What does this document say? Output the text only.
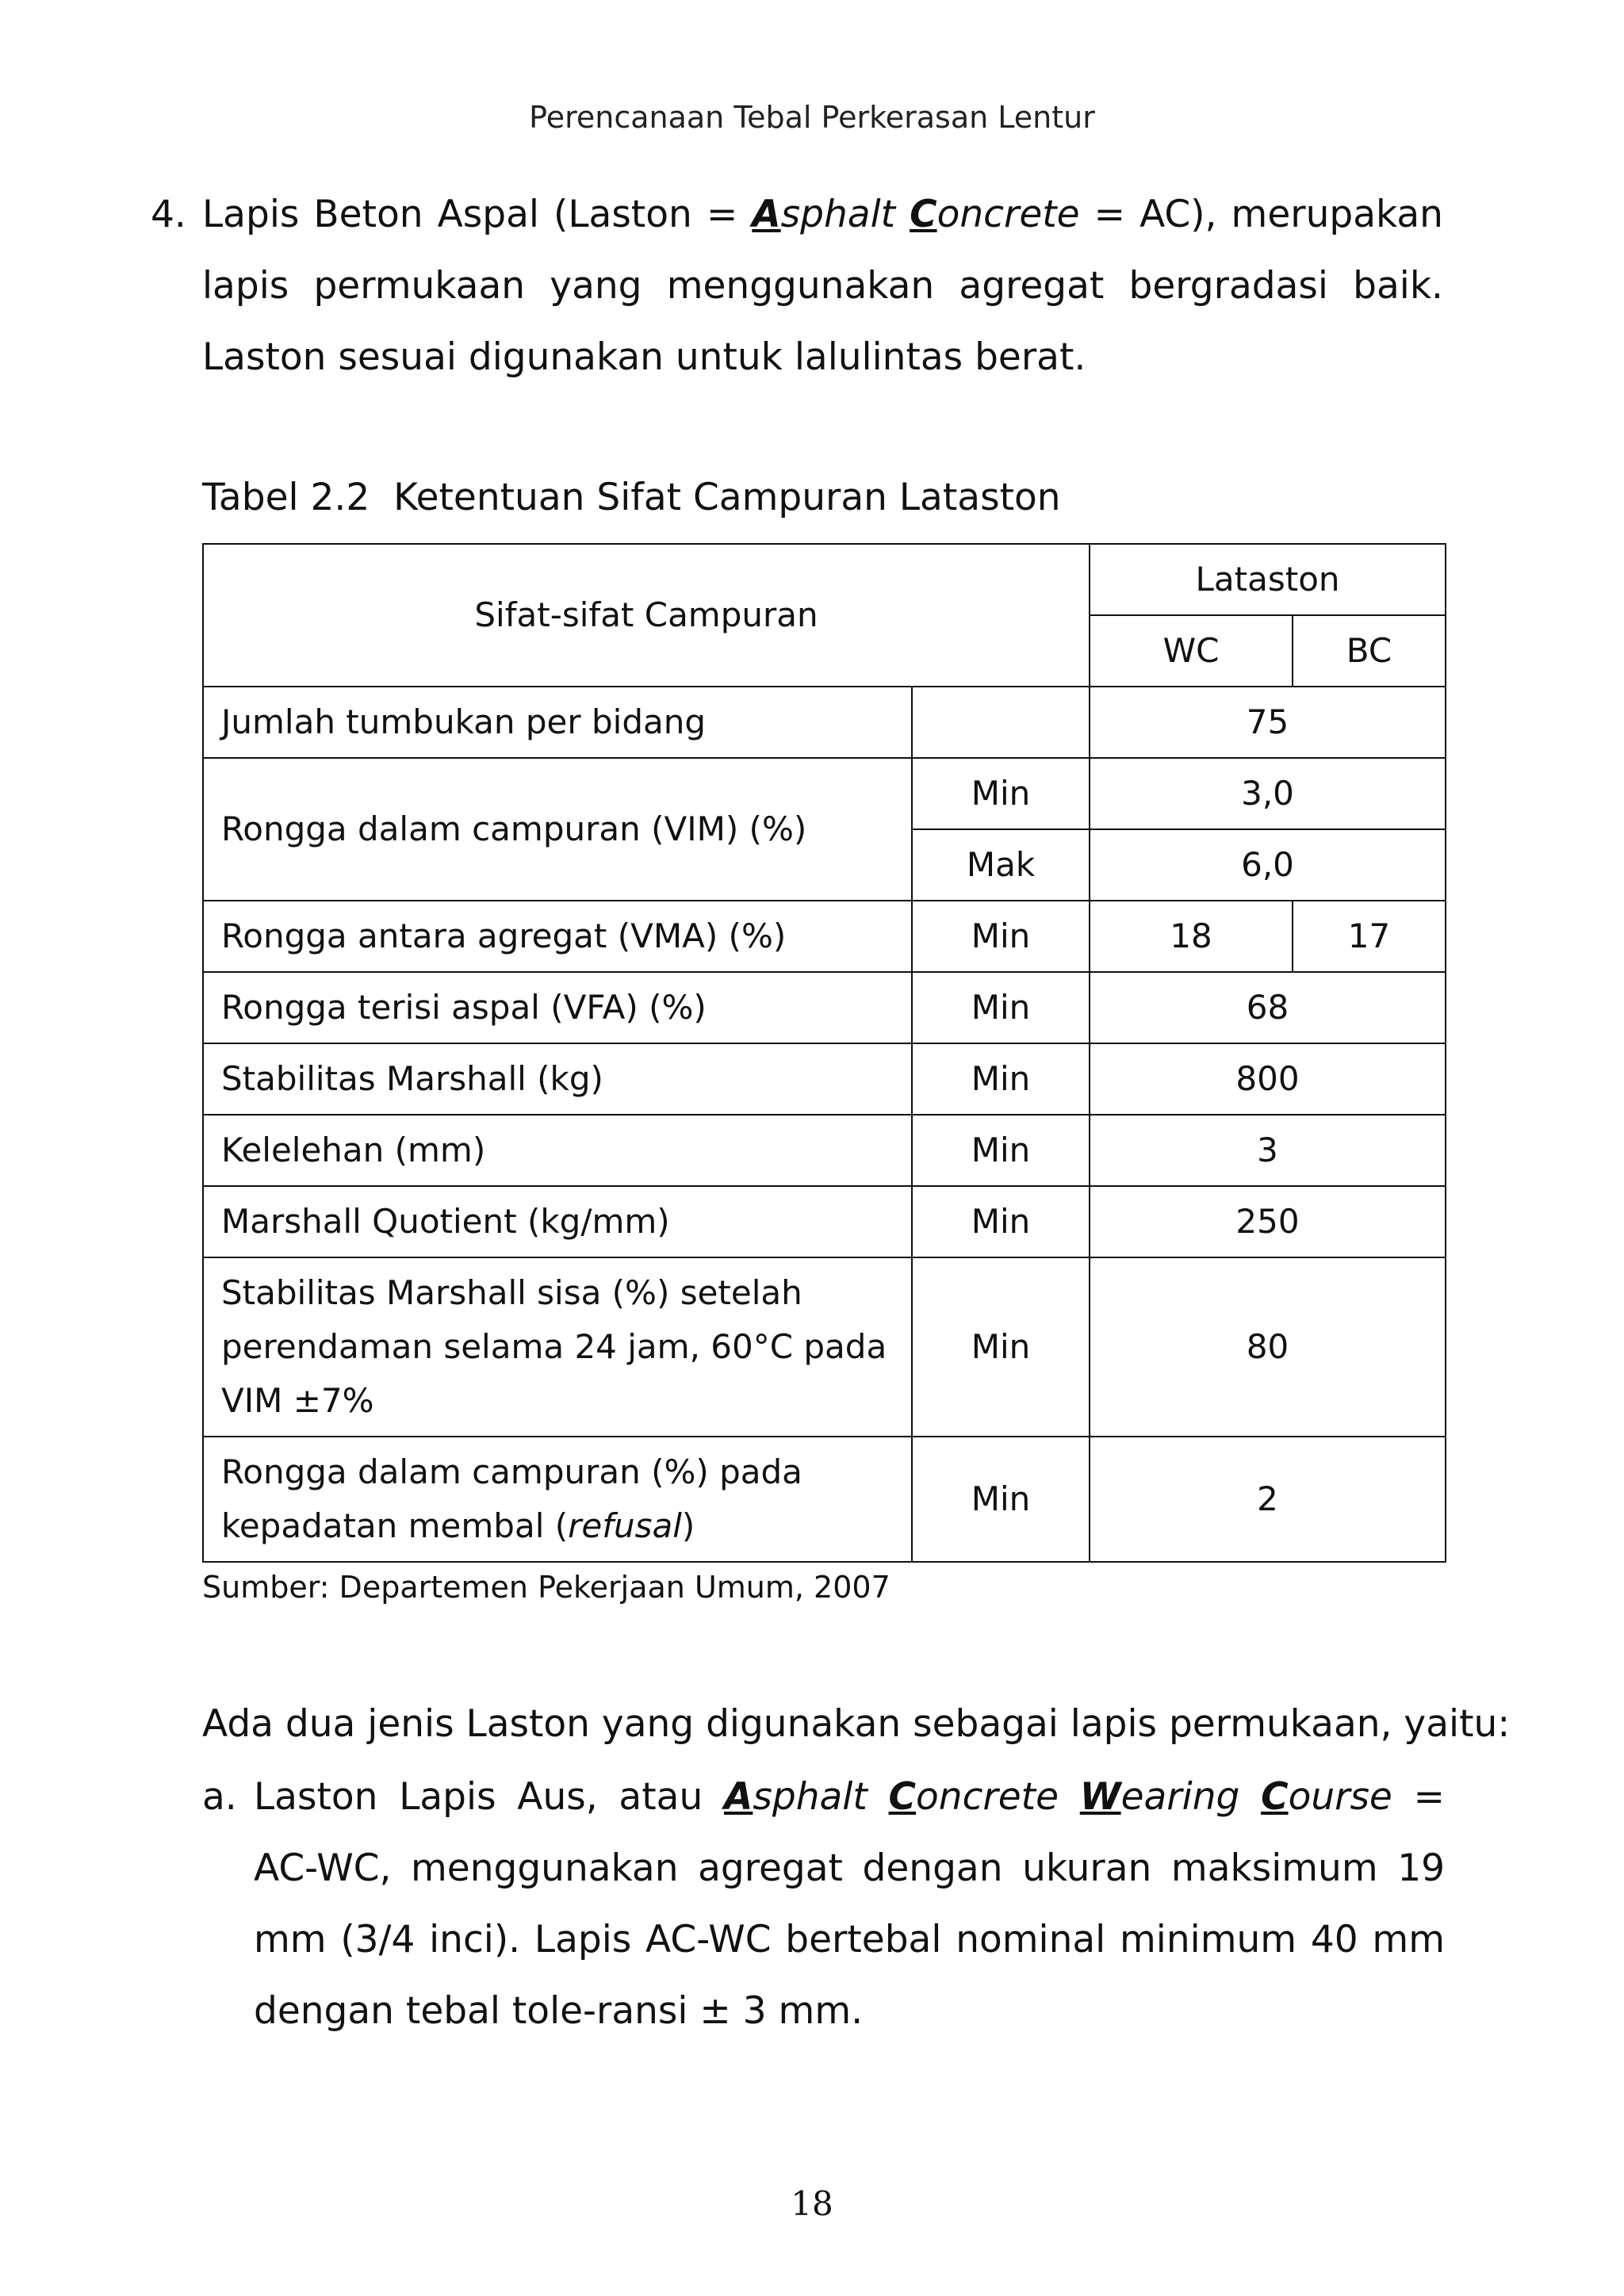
Perencanaan Tebal Perkerasan Lentur
4. Lapis Beton Aspal (Laston = Asphalt Concrete = AC), merupakan lapis permukaan yang menggunakan agregat bergradasi baik. Laston sesuai digunakan untuk lalulintas berat.
Tabel 2.2  Ketentuan Sifat Campuran Lataston
Sifat-sifat Campuran		Lataston	
		WC	BC
Jumlah tumbukan per bidang		75	
Rongga dalam campuran (VIM) (%)	Min	3,0	
	Mak	6,0	
Rongga antara agregat (VMA) (%)	Min	18	17
Rongga terisi aspal (VFA) (%)	Min	68	
Stabilitas Marshall (kg)	Min	800	
Kelelehan (mm)	Min	3	
Marshall Quotient (kg/mm)	Min	250	
Stabilitas Marshall sisa (%) setelah
perendaman selama 24 jam, 60°C pada
VIM ±7%	Min	80	
Rongga dalam campuran (%) pada
kepadatan membal (refusal)	Min	2	
Sumber: Departemen Pekerjaan Umum, 2007
Ada dua jenis Laston yang digunakan sebagai lapis permukaan, yaitu:
a. Laston Lapis Aus, atau Asphalt Concrete Wearing Course = AC-WC, menggunakan agregat dengan ukuran maksimum 19 mm (3/4 inci). Lapis AC-WC bertebal nominal minimum 40 mm dengan tebal tole-ransi ± 3 mm.
18
